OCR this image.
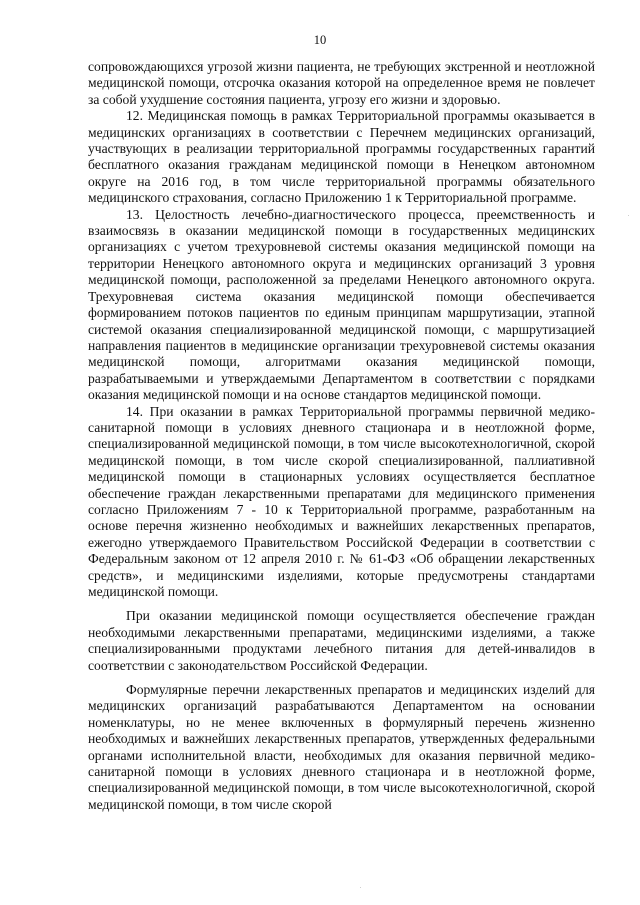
10

сопровождающихся угрозой жизни пациента, не требующих экстренной и неотложной медицинской помощи, отсрочка оказания которой на определенное время не повлечет за собой ухудшение состояния пациента, угрозу его жизни и здоровью.

12. Медицинская помощь в рамках Территориальной программы оказывается в медицинских организациях в соответствии с Перечнем медицинских организаций, участвующих в реализации территориальной программы государственных гарантий бесплатного оказания гражданам медицинской помощи в Ненецком автономном округе на 2016 год, в том числе территориальной программы обязательного медицинского страхования, согласно Приложению 1 к Территориальной программе.

13. Целостность лечебно-диагностического процесса, преемственность и взаимосвязь в оказании медицинской помощи в государственных медицинских организациях с учетом трехуровневой системы оказания медицинской помощи на территории Ненецкого автономного округа и медицинских организаций 3 уровня медицинской помощи, расположенной за пределами Ненецкого автономного округа. Трехуровневая система оказания медицинской помощи обеспечивается формированием потоков пациентов по единым принципам маршрутизации, этапной системой оказания специализированной медицинской помощи, с маршрутизацией направления пациентов в медицинские организации трехуровневой системы оказания медицинской помощи, алгоритмами оказания медицинской помощи, разрабатываемыми и утверждаемыми Департаментом в соответствии с порядками оказания медицинской помощи и на основе стандартов медицинской помощи.

14. При оказании в рамках Территориальной программы первичной медико-санитарной помощи в условиях дневного стационара и в неотложной форме, специализированной медицинской помощи, в том числе высокотехнологичной, скорой медицинской помощи, в том числе скорой специализированной, паллиативной медицинской помощи в стационарных условиях осуществляется бесплатное обеспечение граждан лекарственными препаратами для медицинского применения согласно Приложениям 7 - 10 к Территориальной программе, разработанным на основе перечня жизненно необходимых и важнейших лекарственных препаратов, ежегодно утверждаемого Правительством Российской Федерации в соответствии с Федеральным законом от 12 апреля 2010 г. № 61-ФЗ «Об обращении лекарственных средств», и медицинскими изделиями, которые предусмотрены стандартами медицинской помощи.

При оказании медицинской помощи осуществляется обеспечение граждан необходимыми лекарственными препаратами, медицинскими изделиями, а также специализированными продуктами лечебного питания для детей-инвалидов в соответствии с законодательством Российской Федерации.

Формулярные перечни лекарственных препаратов и медицинских изделий для медицинских организаций разрабатываются Департаментом на основании номенклатуры, но не менее включенных в формулярный перечень жизненно необходимых и важнейших лекарственных препаратов, утвержденных федеральными органами исполнительной власти, необходимых для оказания первичной медико-санитарной помощи в условиях дневного стационара и в неотложной форме, специализированной медицинской помощи, в том числе высокотехнологичной, скорой медицинской помощи, в том числе скорой
